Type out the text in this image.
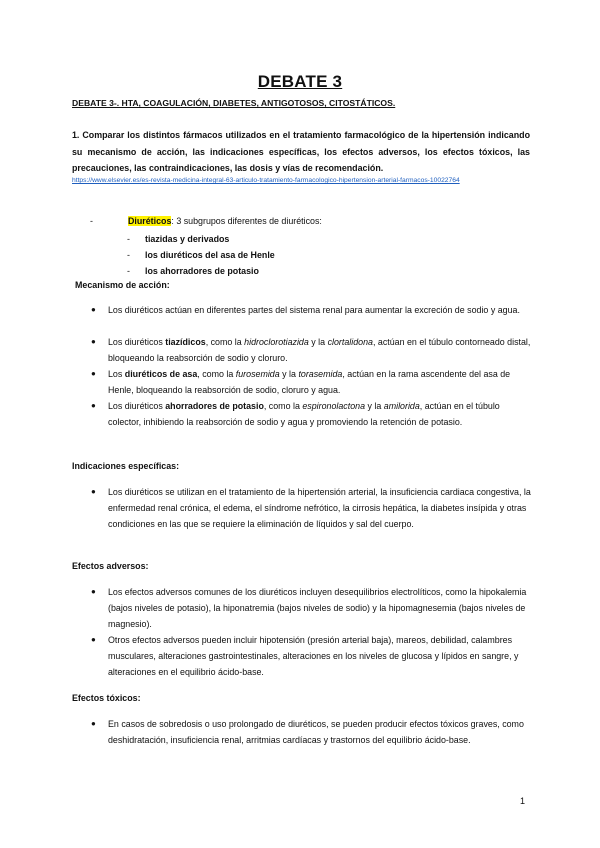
DEBATE 3
DEBATE 3-. HTA, COAGULACIÓN, DIABETES, ANTIGOTOSOS, CITOSTÁTICOS.
1. Comparar los distintos fármacos utilizados en el tratamiento farmacológico de la hipertensión indicando su mecanismo de acción, las indicaciones específicas, los efectos adversos, los efectos tóxicos, las precauciones, las contraindicaciones, las dosis y vías de recomendación.
https://www.elsevier.es/es-revista-medicina-integral-63-articulo-tratamiento-farmacologico-hipertension-arterial-farmacos-10022764
-	Diuréticos: 3 subgrupos diferentes de diuréticos:
- tiazidas y derivados
- los diuréticos del asa de Henle
- los ahorradores de potasio
Mecanismo de acción:
● Los diuréticos actúan en diferentes partes del sistema renal para aumentar la excreción de sodio y agua.
● Los diuréticos tiazídicos, como la hidroclorotiazida y la clortalidona, actúan en el túbulo contorneado distal, bloqueando la reabsorción de sodio y cloruro.
● Los diuréticos de asa, como la furosemida y la torasemida, actúan en la rama ascendente del asa de Henle, bloqueando la reabsorción de sodio, cloruro y agua.
● Los diuréticos ahorradores de potasio, como la espironolactona y la amilorida, actúan en el túbulo colector, inhibiendo la reabsorción de sodio y agua y promoviendo la retención de potasio.
Indicaciones específicas:
● Los diuréticos se utilizan en el tratamiento de la hipertensión arterial, la insuficiencia cardiaca congestiva, la enfermedad renal crónica, el edema, el síndrome nefrótico, la cirrosis hepática, la diabetes insípida y otras condiciones en las que se requiere la eliminación de líquidos y sal del cuerpo.
Efectos adversos:
● Los efectos adversos comunes de los diuréticos incluyen desequilibrios electrolíticos, como la hipokalemia (bajos niveles de potasio), la hiponatremia (bajos niveles de sodio) y la hipomagnesemia (bajos niveles de magnesio).
● Otros efectos adversos pueden incluir hipotensión (presión arterial baja), mareos, debilidad, calambres musculares, alteraciones gastrointestinales, alteraciones en los niveles de glucosa y lípidos en sangre, y alteraciones en el equilibrio ácido-base.
Efectos tóxicos:
● En casos de sobredosis o uso prolongado de diuréticos, se pueden producir efectos tóxicos graves, como deshidratación, insuficiencia renal, arritmias cardíacas y trastornos del equilibrio ácido-base.
1
